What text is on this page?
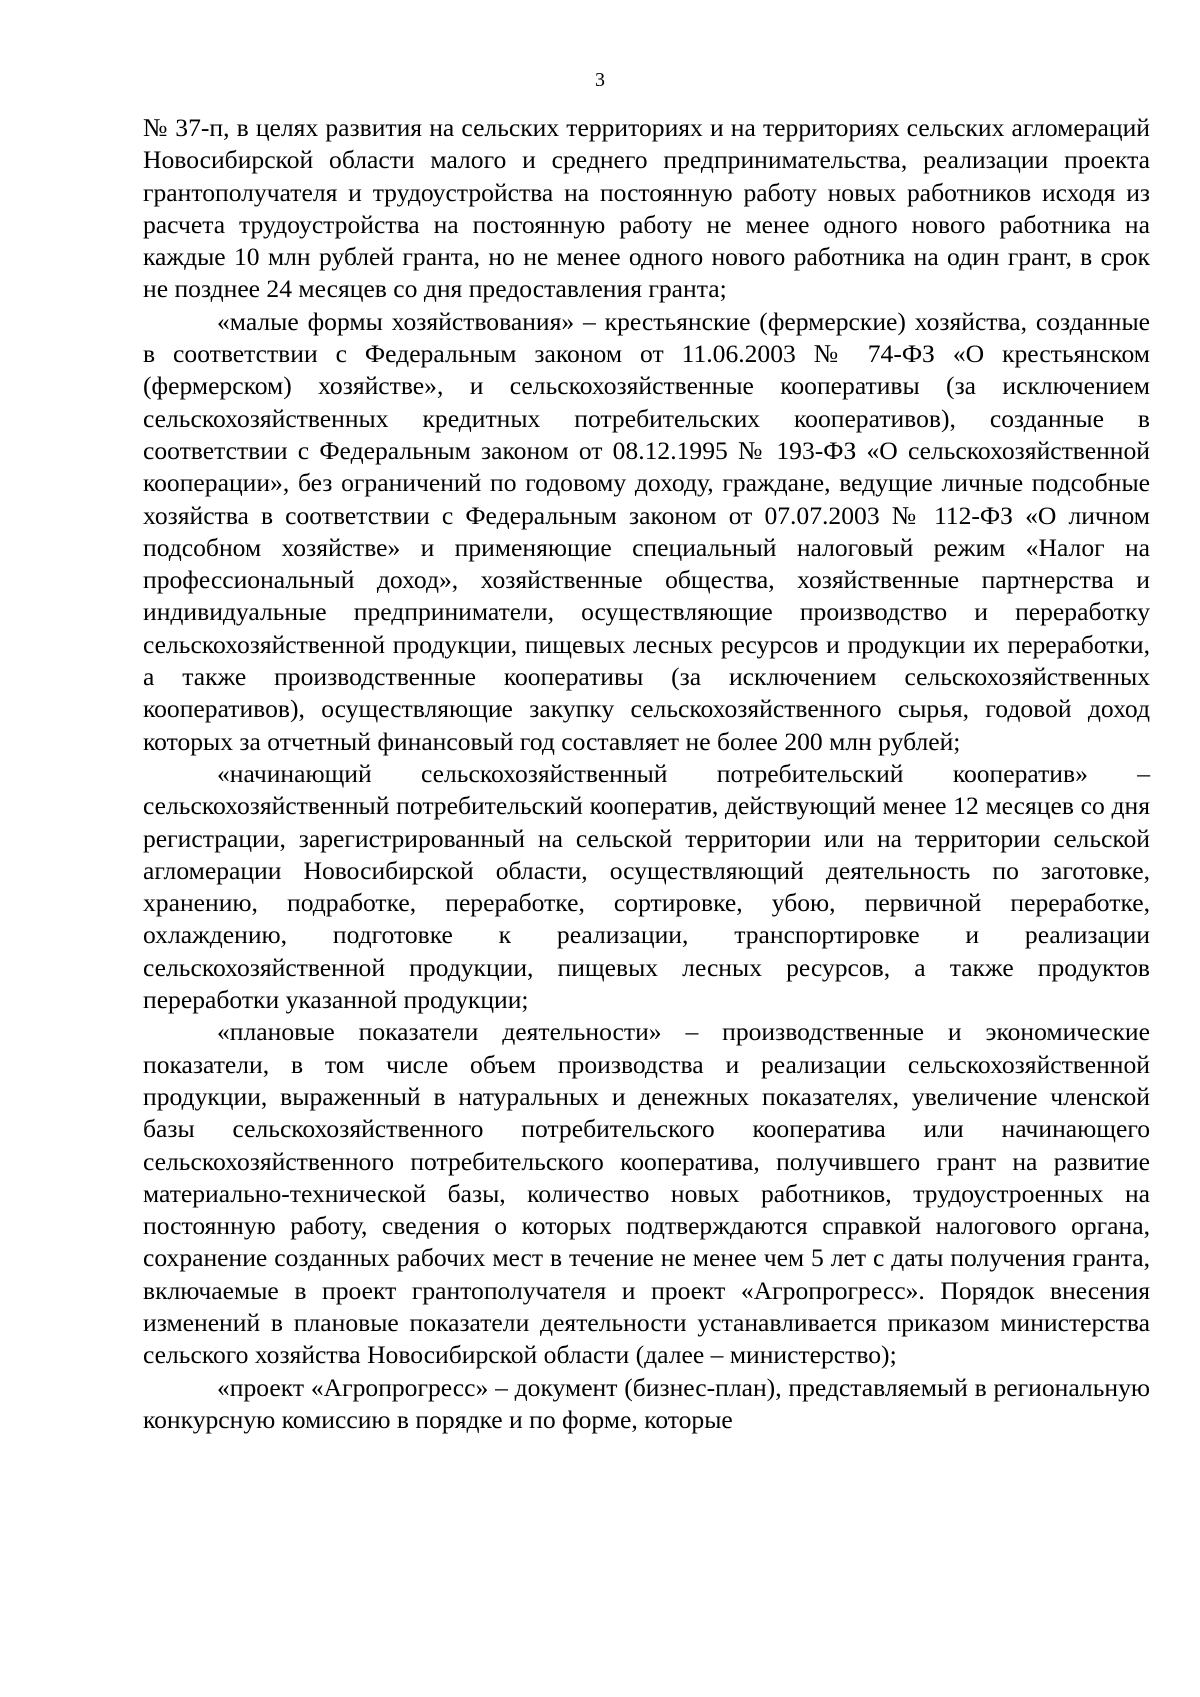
3

№ 37-п, в целях развития на сельских территориях и на территориях сельских агломераций Новосибирской области малого и среднего предпринимательства, реализации проекта грантополучателя и трудоустройства на постоянную работу новых работников исходя из расчета трудоустройства на постоянную работу не менее одного нового работника на каждые 10 млн рублей гранта, но не менее одного нового работника на один грант, в срок не позднее 24 месяцев со дня предоставления гранта;

«малые формы хозяйствования» – крестьянские (фермерские) хозяйства, созданные в соответствии с Федеральным законом от 11.06.2003 № 74-ФЗ «О крестьянском (фермерском) хозяйстве», и сельскохозяйственные кооперативы (за исключением сельскохозяйственных кредитных потребительских кооперативов), созданные в соответствии с Федеральным законом от 08.12.1995 № 193-ФЗ «О сельскохозяйственной кооперации», без ограничений по годовому доходу, граждане, ведущие личные подсобные хозяйства в соответствии с Федеральным законом от 07.07.2003 № 112-ФЗ «О личном подсобном хозяйстве» и применяющие специальный налоговый режим «Налог на профессиональный доход», хозяйственные общества, хозяйственные партнерства и индивидуальные предприниматели, осуществляющие производство и переработку сельскохозяйственной продукции, пищевых лесных ресурсов и продукции их переработки, а также производственные кооперативы (за исключением сельскохозяйственных кооперативов), осуществляющие закупку сельскохозяйственного сырья, годовой доход которых за отчетный финансовый год составляет не более 200 млн рублей;

«начинающий сельскохозяйственный потребительский кооператив» – сельскохозяйственный потребительский кооператив, действующий менее 12 месяцев со дня регистрации, зарегистрированный на сельской территории или на территории сельской агломерации Новосибирской области, осуществляющий деятельность по заготовке, хранению, подработке, переработке, сортировке, убою, первичной переработке, охлаждению, подготовке к реализации, транспортировке и реализации сельскохозяйственной продукции, пищевых лесных ресурсов, а также продуктов переработки указанной продукции;

«плановые показатели деятельности» – производственные и экономические показатели, в том числе объем производства и реализации сельскохозяйственной продукции, выраженный в натуральных и денежных показателях, увеличение членской базы сельскохозяйственного потребительского кооператива или начинающего сельскохозяйственного потребительского кооператива, получившего грант на развитие материально-технической базы, количество новых работников, трудоустроенных на постоянную работу, сведения о которых подтверждаются справкой налогового органа, сохранение созданных рабочих мест в течение не менее чем 5 лет с даты получения гранта, включаемые в проект грантополучателя и проект «Агропрогресс». Порядок внесения изменений в плановые показатели деятельности устанавливается приказом министерства сельского хозяйства Новосибирской области (далее – министерство);

«проект «Агропрогресс» – документ (бизнес-план), представляемый в региональную конкурсную комиссию в порядке и по форме, которые
